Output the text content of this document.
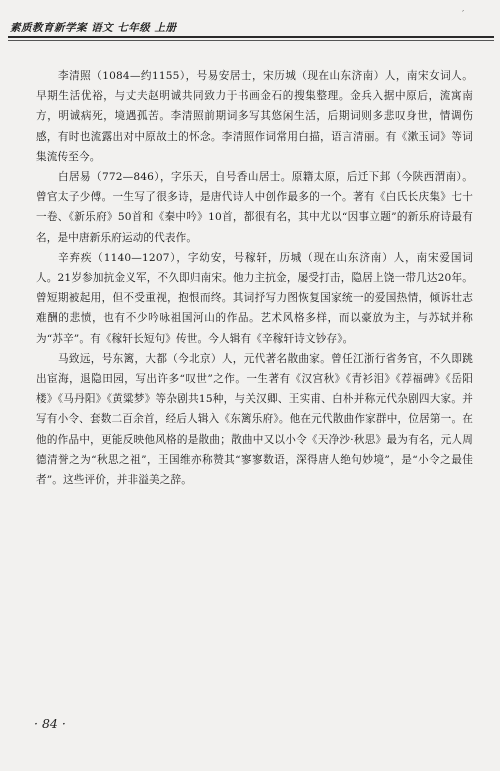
素质教育新学案 语文 七年级 上册
′

李清照（1084—约1155），号易安居士，宋历城（现在山东济南）人，南宋女词人。早期生活优裕，与丈夫赵明诚共同致力于书画金石的搜集整理。金兵入据中原后，流寓南方，明诚病死，境遇孤苦。李清照前期词多写其悠闲生活，后期词则多悲叹身世，情调伤感，有时也流露出对中原故土的怀念。李清照作词常用白描，语言清丽。有《漱玉词》等词集流传至今。

白居易（772—846），字乐天，自号香山居士。原籍太原，后迁下邽（今陕西渭南）。曾官太子少傅。一生写了很多诗，是唐代诗人中创作最多的一个。著有《白氏长庆集》七十一卷、《新乐府》50首和《秦中吟》10首，都很有名，其中尤以“因事立题”的新乐府诗最有名，是中唐新乐府运动的代表作。

辛弃疾（1140—1207），字幼安，号稼轩，历城（现在山东济南）人，南宋爱国词人。21岁参加抗金义军，不久即归南宋。他力主抗金，屡受打击，隐居上饶一带几达20年。曾短期被起用，但不受重视，抱恨而终。其词抒写力图恢复国家统一的爱国热情，倾诉壮志难酬的悲愤，也有不少吟咏祖国河山的作品。艺术风格多样，而以豪放为主，与苏轼并称为“苏辛”。有《稼轩长短句》传世。今人辑有《辛稼轩诗文钞存》。

马致远，号东篱，大都（今北京）人，元代著名散曲家。曾任江浙行省务官，不久即跳出宦海，退隐田园，写出许多“叹世”之作。一生著有《汉宫秋》《青衫泪》《荐福碑》《岳阳楼》《马丹阳》《黄粱梦》等杂剧共15种，与关汉卿、王实甫、白朴并称元代杂剧四大家。并写有小令、套数二百余首，经后人辑入《东篱乐府》。他在元代散曲作家群中，位居第一。在他的作品中，更能反映他风格的是散曲；散曲中又以小令《天净沙·秋思》最为有名，元人周德清誉之为“秋思之祖”，王国维亦称赞其“寥寥数语，深得唐人绝句妙境”，是“小令之最佳者”。这些评价，并非溢美之辞。

· 84 ·
